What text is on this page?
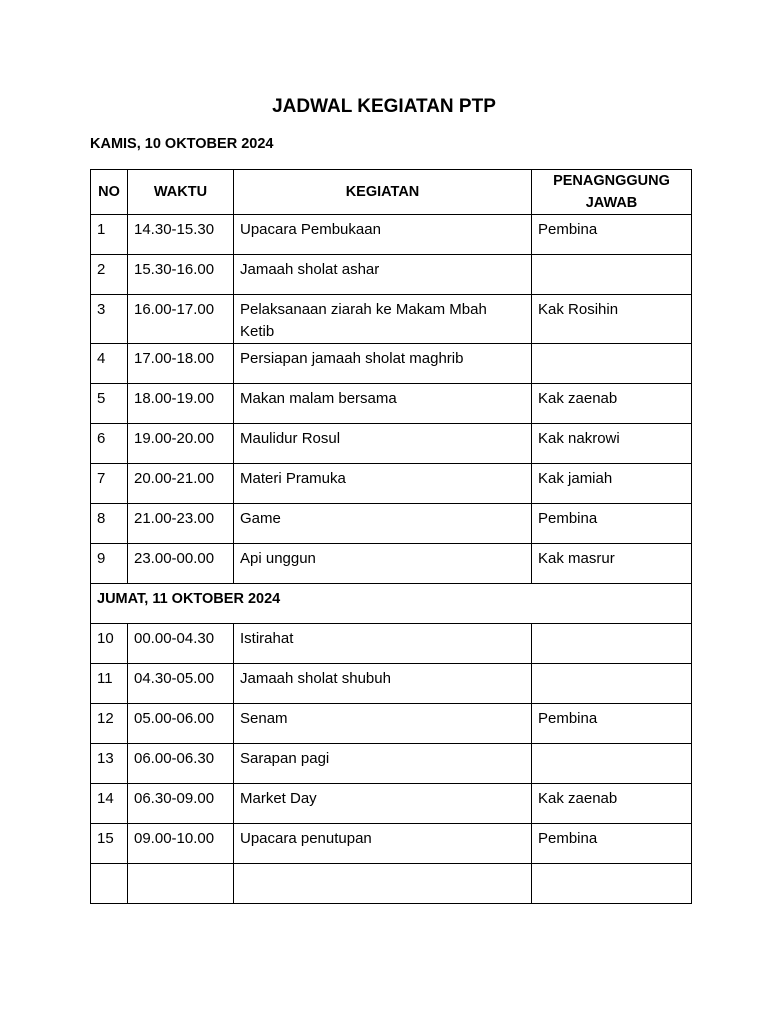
JADWAL KEGIATAN PTP
KAMIS, 10 OKTOBER 2024
NO	WAKTU	KEGIATAN	PENAGNGGUNG JAWAB
1	14.30-15.30	Upacara Pembukaan	Pembina
2	15.30-16.00	Jamaah sholat ashar	
3	16.00-17.00	Pelaksanaan ziarah ke Makam Mbah Ketib	Kak Rosihin
4	17.00-18.00	Persiapan jamaah sholat maghrib	
5	18.00-19.00	Makan malam bersama	Kak zaenab
6	19.00-20.00	Maulidur Rosul	Kak nakrowi
7	20.00-21.00	Materi Pramuka	Kak jamiah
8	21.00-23.00	Game	Pembina
9	23.00-00.00	Api unggun	Kak masrur
JUMAT, 11 OKTOBER 2024			
10	00.00-04.30	Istirahat	
11	04.30-05.00	Jamaah sholat shubuh	
12	05.00-06.00	Senam	Pembina
13	06.00-06.30	Sarapan pagi	
14	06.30-09.00	Market Day	Kak zaenab
15	09.00-10.00	Upacara penutupan	Pembina
